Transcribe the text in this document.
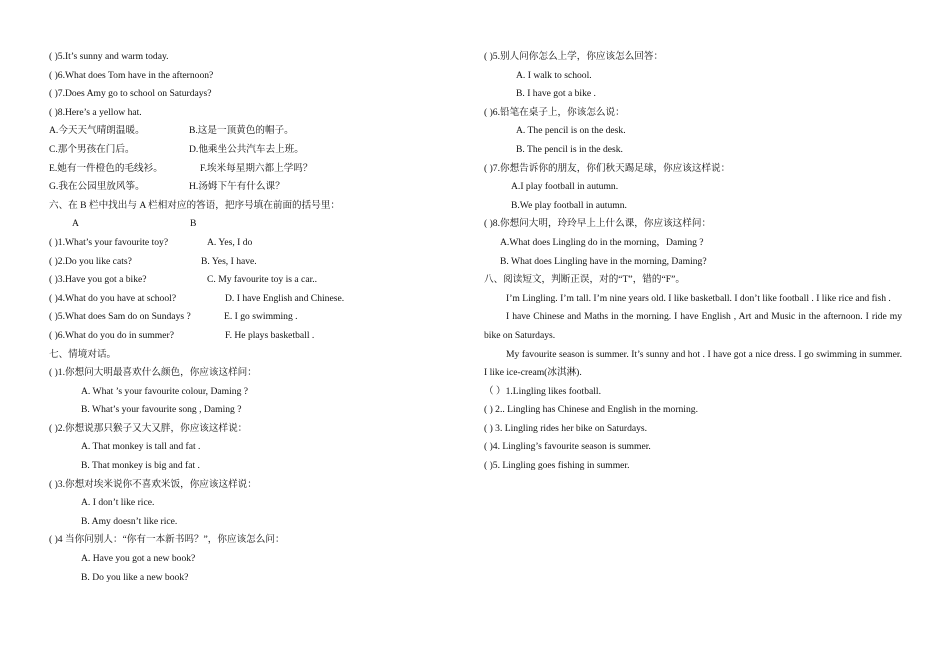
( )5.It’s sunny and warm today.
( )6.What does Tom have in the afternoon?
( )7.Does Amy go to school on Saturdays?
( )8.Here’s a yellow hat.
A.今天天气晴朗温暖。	B.这是一顶黄色的帽子。
C.那个男孩在门后。	D.他乘坐公共汽车去上班。
E.她有一件橙色的毛线衫。	F.埃米每星期六都上学吗？
G.我在公园里放风筝。	H.汤姆下午有什么课？
六、在 B 栏中找出与 A 栏相对应的答语，把序号填在前面的括号里：
A	B
( )1.What’s your favourite toy?	A. Yes, I do
( )2.Do you like cats?	B. Yes, I have.
( )3.Have you got a bike?	C. My favourite toy is a car..
( )4.What do you have at school?	D. I have English and Chinese.
( )5.What does Sam do on Sundays ?	E. I go swimming .
( )6.What do you do in summer?	F. He plays basketball .
七、情境对话。
( )1.你想问大明最喜欢什么颜色，你应该这样问：
A. What ’s your favourite colour, Daming ?
B. What’s your favourite song , Daming ?
( )2.你想说那只猴子又大又胖，你应该这样说：
A. That monkey is tall and fat .
B. That monkey is big and fat .
( )3.你想对埃米说你不喜欢米饭，你应该这样说：
A. I don’t like rice.
B. Amy doesn’t like rice.
( )4 当你问别人：“你有一本新书吗？”，你应该怎么问：
A. Have you got a new book?
B. Do you like a new book?
( )5.别人问你怎么上学，你应该怎么回答：
A. I walk to school.
B. I have got a bike .
( )6.铅笔在桌子上，你该怎么说：
A. The pencil is on the desk.
B. The pencil is in the desk.
( )7.你想告诉你的朋友，你们秋天踢足球，你应该这样说：
A.I play football in autumn.
B.We play football in autumn.
( )8.你想问大明，玲玲早上上什么课，你应该这样问：
A.What does Lingling do in the morning，Daming ?
B. What does Lingling have in the morning, Daming?
八、阅读短文，判断正误，对的“T”，错的“F”。
I’m Lingling. I’m tall. I’m nine years old. I like basketball. I don’t like football . I like rice and fish .
I have Chinese and Maths in the morning. I have English , Art and Music in the afternoon. I ride my bike on Saturdays.
My favourite season is summer. It’s sunny and hot . I have got a nice dress. I go swimming in summer. I like ice-cream(冰淇淋).
（ ）1.Lingling likes football.
( ) 2.. Lingling has Chinese and English in the morning.
( ) 3. Lingling rides her bike on Saturdays.
( )4. Lingling’s favourite season is summer.
( )5. Lingling goes fishing in summer.
